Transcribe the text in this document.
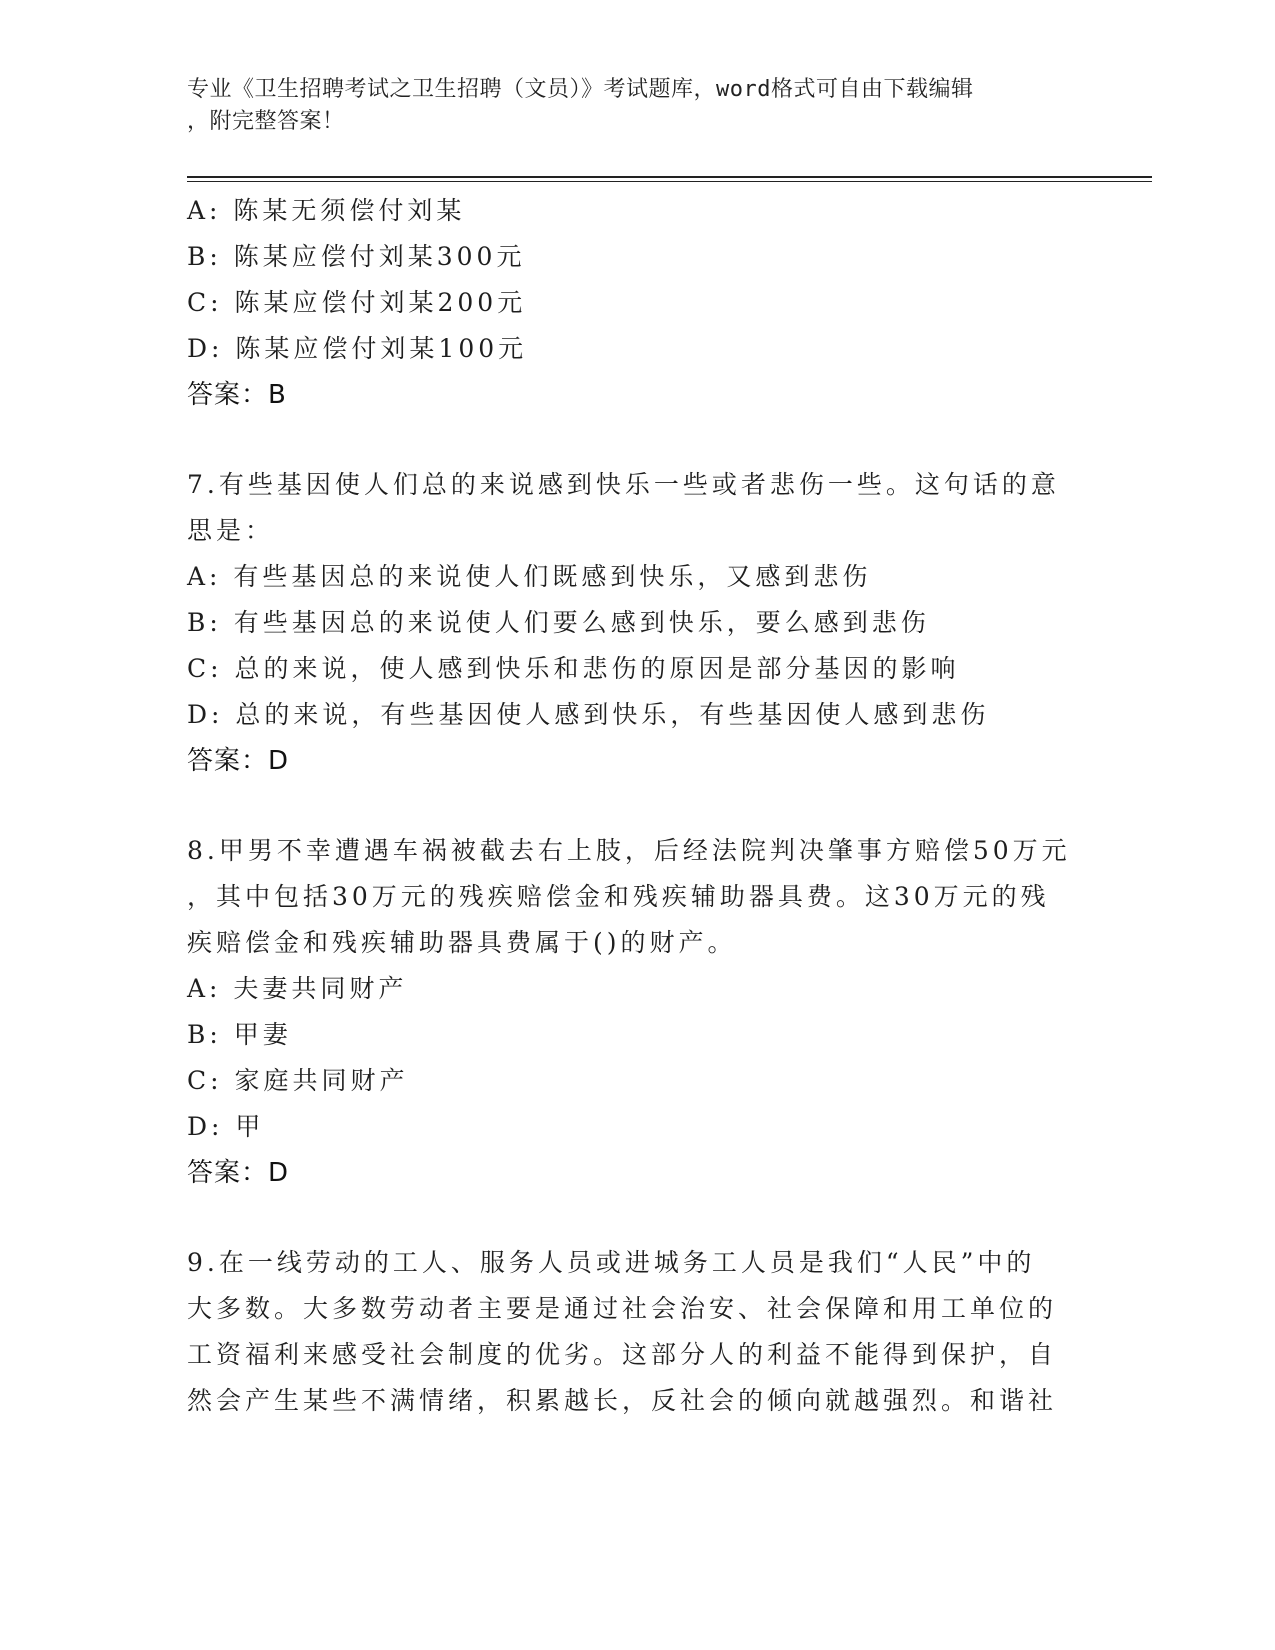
专业《卫生招聘考试之卫生招聘（文员）》考试题库，word格式可自由下载编辑
，附完整答案！
A: 陈某无须偿付刘某
B: 陈某应偿付刘某300元
C: 陈某应偿付刘某200元
D: 陈某应偿付刘某100元
答案：B
7.有些基因使人们总的来说感到快乐一些或者悲伤一些。这句话的意
思是：
A: 有些基因总的来说使人们既感到快乐，又感到悲伤
B: 有些基因总的来说使人们要么感到快乐，要么感到悲伤
C: 总的来说，使人感到快乐和悲伤的原因是部分基因的影响
D: 总的来说，有些基因使人感到快乐，有些基因使人感到悲伤
答案：D
8.甲男不幸遭遇车祸被截去右上肢，后经法院判决肇事方赔偿50万元
，其中包括30万元的残疾赔偿金和残疾辅助器具费。这30万元的残
疾赔偿金和残疾辅助器具费属于()的财产。
A: 夫妻共同财产
B: 甲妻
C: 家庭共同财产
D: 甲
答案：D
9.在一线劳动的工人、服务人员或进城务工人员是我们“人民”中的
大多数。大多数劳动者主要是通过社会治安、社会保障和用工单位的
工资福利来感受社会制度的优劣。这部分人的利益不能得到保护，自
然会产生某些不满情绪，积累越长，反社会的倾向就越强烈。和谐社
